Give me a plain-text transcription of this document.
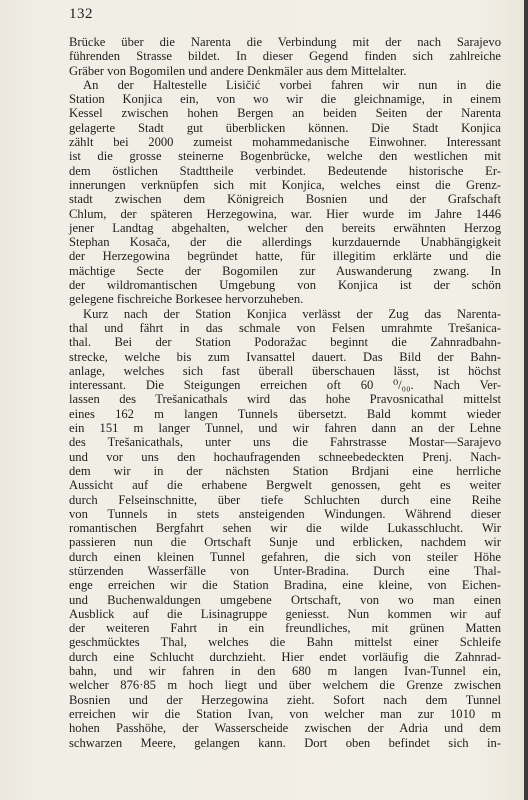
132
Brücke über die Narenta die Verbindung mit der nach Sarajevo
führenden Strasse bildet. In dieser Gegend finden sich zahlreiche
Gräber von Bogomilen und andere Denkmäler aus dem Mittelalter.
An der Haltestelle Lisičić vorbei fahren wir nun in die
Station Konjica ein, von wo wir die gleichnamige, in einem
Kessel zwischen hohen Bergen an beiden Seiten der Narenta
gelagerte Stadt gut überblicken können. Die Stadt Konjica
zählt bei 2000 zumeist mohammedanische Einwohner. Interessant
ist die grosse steinerne Bogenbrücke, welche den westlichen mit
dem östlichen Stadttheile verbindet. Bedeutende historische Er-
innerungen verknüpfen sich mit Konjica, welches einst die Grenz-
stadt zwischen dem Königreich Bosnien und der Grafschaft
Chlum, der späteren Herzegowina, war. Hier wurde im Jahre 1446
jener Landtag abgehalten, welcher den bereits erwähnten Herzog
Stephan Kosača, der die allerdings kurzdauernde Unabhängigkeit
der Herzegowina begründet hatte, für illegitim erklärte und die
mächtige Secte der Bogomilen zur Auswanderung zwang. In
der wildromantischen Umgebung von Konjica ist der schön
gelegene fischreiche Borkesee hervorzuheben.
Kurz nach der Station Konjica verlässt der Zug das Narenta-
thal und fährt in das schmale von Felsen umrahmte Trešanica-
thal. Bei der Station Podoražac beginnt die Zahnradbahn-
strecke, welche bis zum Ivansattel dauert. Das Bild der Bahn-
anlage, welches sich fast überall überschauen lässt, ist höchst
interessant. Die Steigungen erreichen oft 60 ⁰/₀₀. Nach Ver-
lassen des Trešanicathals wird das hohe Pravosnicathal mittelst
eines 162 m langen Tunnels übersetzt. Bald kommt wieder
ein 151 m langer Tunnel, und wir fahren dann an der Lehne
des Trešanicathals, unter uns die Fahrstrasse Mostar—Sarajevo
und vor uns den hochaufragenden schneebedeckten Prenj. Nach-
dem wir in der nächsten Station Brdjani eine herrliche
Aussicht auf die erhabene Bergwelt genossen, geht es weiter
durch Felseinschnitte, über tiefe Schluchten durch eine Reihe
von Tunnels in stets ansteigenden Windungen. Während dieser
romantischen Bergfahrt sehen wir die wilde Lukasschlucht. Wir
passieren nun die Ortschaft Sunje und erblicken, nachdem wir
durch einen kleinen Tunnel gefahren, die sich von steiler Höhe
stürzenden Wasserfälle von Unter-Bradina. Durch eine Thal-
enge erreichen wir die Station Bradina, eine kleine, von Eichen-
und Buchenwaldungen umgebene Ortschaft, von wo man einen
Ausblick auf die Lisinagruppe geniesst. Nun kommen wir auf
der weiteren Fahrt in ein freundliches, mit grünen Matten
geschmücktes Thal, welches die Bahn mittelst einer Schleife
durch eine Schlucht durchzieht. Hier endet vorläufig die Zahnrad-
bahn, und wir fahren in den 680 m langen Ivan-Tunnel ein,
welcher 876·85 m hoch liegt und über welchem die Grenze zwischen
Bosnien und der Herzegowina zieht. Sofort nach dem Tunnel
erreichen wir die Station Ivan, von welcher man zur 1010 m
hohen Passhöhe, der Wasserscheide zwischen der Adria und dem
schwarzen Meere, gelangen kann. Dort oben befindet sich in-
